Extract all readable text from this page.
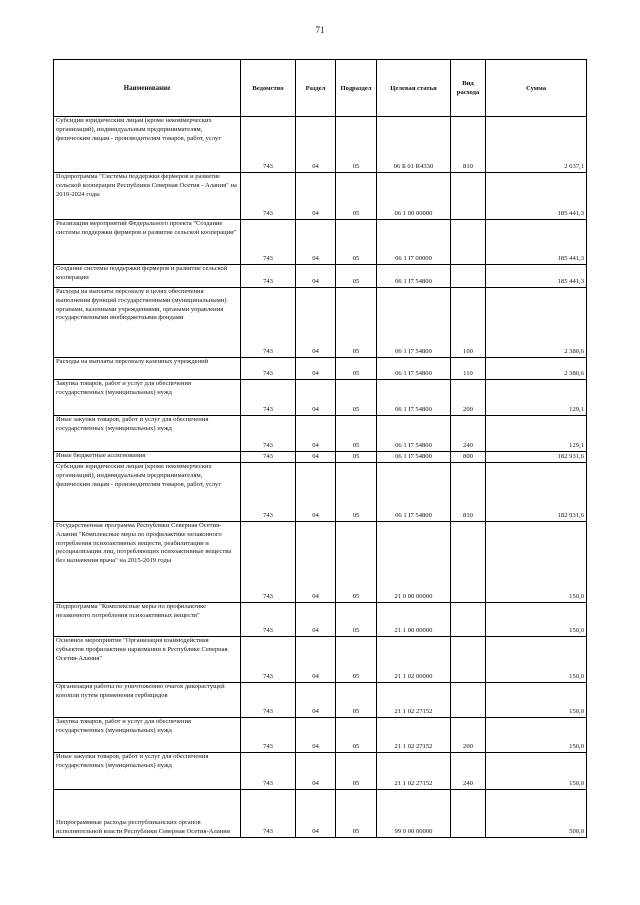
71
Наименование	Ведомство	Раздел	Подраздел	Целевая статья	Вид расхода	Сумма
Субсидии юридическим лицам (кроме некоммерческих организаций), индивидуальным предпринимателям, физическим лицам - производителям товаров, работ, услуг	743	04	05	06 Б 01 R4330	810	2 637,1
Подпрограмма "Системы поддержки фермеров и развитие сельской кооперации Республики Северная Осетия - Алания" на 2019-2024 годы	743	04	05	06 1 00 00000		185 441,3
Реализация мероприятий Федерального проекта "Создание системы поддержки фермеров и развитие сельской кооперации"	743	04	05	06 1 I7 00000		185 441,3
Создание системы поддержки фермеров и развитие сельской кооперации	743	04	05	06 1 I7 54800		185 441,3
Расходы на выплаты персоналу в целях обеспечения выполнения функций государственными (муниципальными) органами, казенными учреждениями, органами управления государственными внебюджетными фондами	743	04	05	06 1 I7 54800	100	2 380,6
Расходы на выплаты персоналу казенных учреждений	743	04	05	06 1 I7 54800	110	2 380,6
Закупка товаров, работ и услуг для обеспечения государственных (муниципальных) нужд	743	04	05	06 1 I7 54800	200	129,1
Иные закупки товаров, работ и услуг для обеспечения государственных (муниципальных) нужд	743	04	05	06 1 I7 54800	240	129,1
Иные бюджетные ассигнования	743	04	05	06 1 I7 54800	800	182 931,6
Субсидии юридическим лицам (кроме некоммерческих организаций), индивидуальным предпринимателям, физическим лицам - производителям товаров, работ, услуг	743	04	05	06 1 I7 54800	810	182 931,6
Государственная программа Республики Северная Осетия-Алания "Комплексные меры по профилактике незаконного потребления психоактивных веществ, реабилитации и ресоциализации лиц, потребляющих психоактивные вещества без назначения врача" на 2015-2019 годы	743	04	05	21 0 00 00000		150,0
Подпрограмма "Комплексные меры по профилактике незаконного потребления психоактивных веществ"	743	04	05	21 1 00 00000		150,0
Основное мероприятие "Организация взаимодействия субъектов профилактики наркомании в Республике Северная Осетия-Алания"	743	04	05	21 1 02 00000		150,0
Организация работы по уничтожению очагов дикорастущей конопли путем применения гербицидов	743	04	05	21 1 02 27152		150,0
Закупка товаров, работ и услуг для обеспечения государственных (муниципальных) нужд	743	04	05	21 1 02 27152	200	150,0
Иные закупки товаров, работ и услуг для обеспечения государственных (муниципальных) нужд	743	04	05	21 1 02 27152	240	150,0
Непрограммные расходы республиканских органов исполнительной власти Республики Северная Осетия-Алания	743	04	05	99 0 00 00000		500,0
